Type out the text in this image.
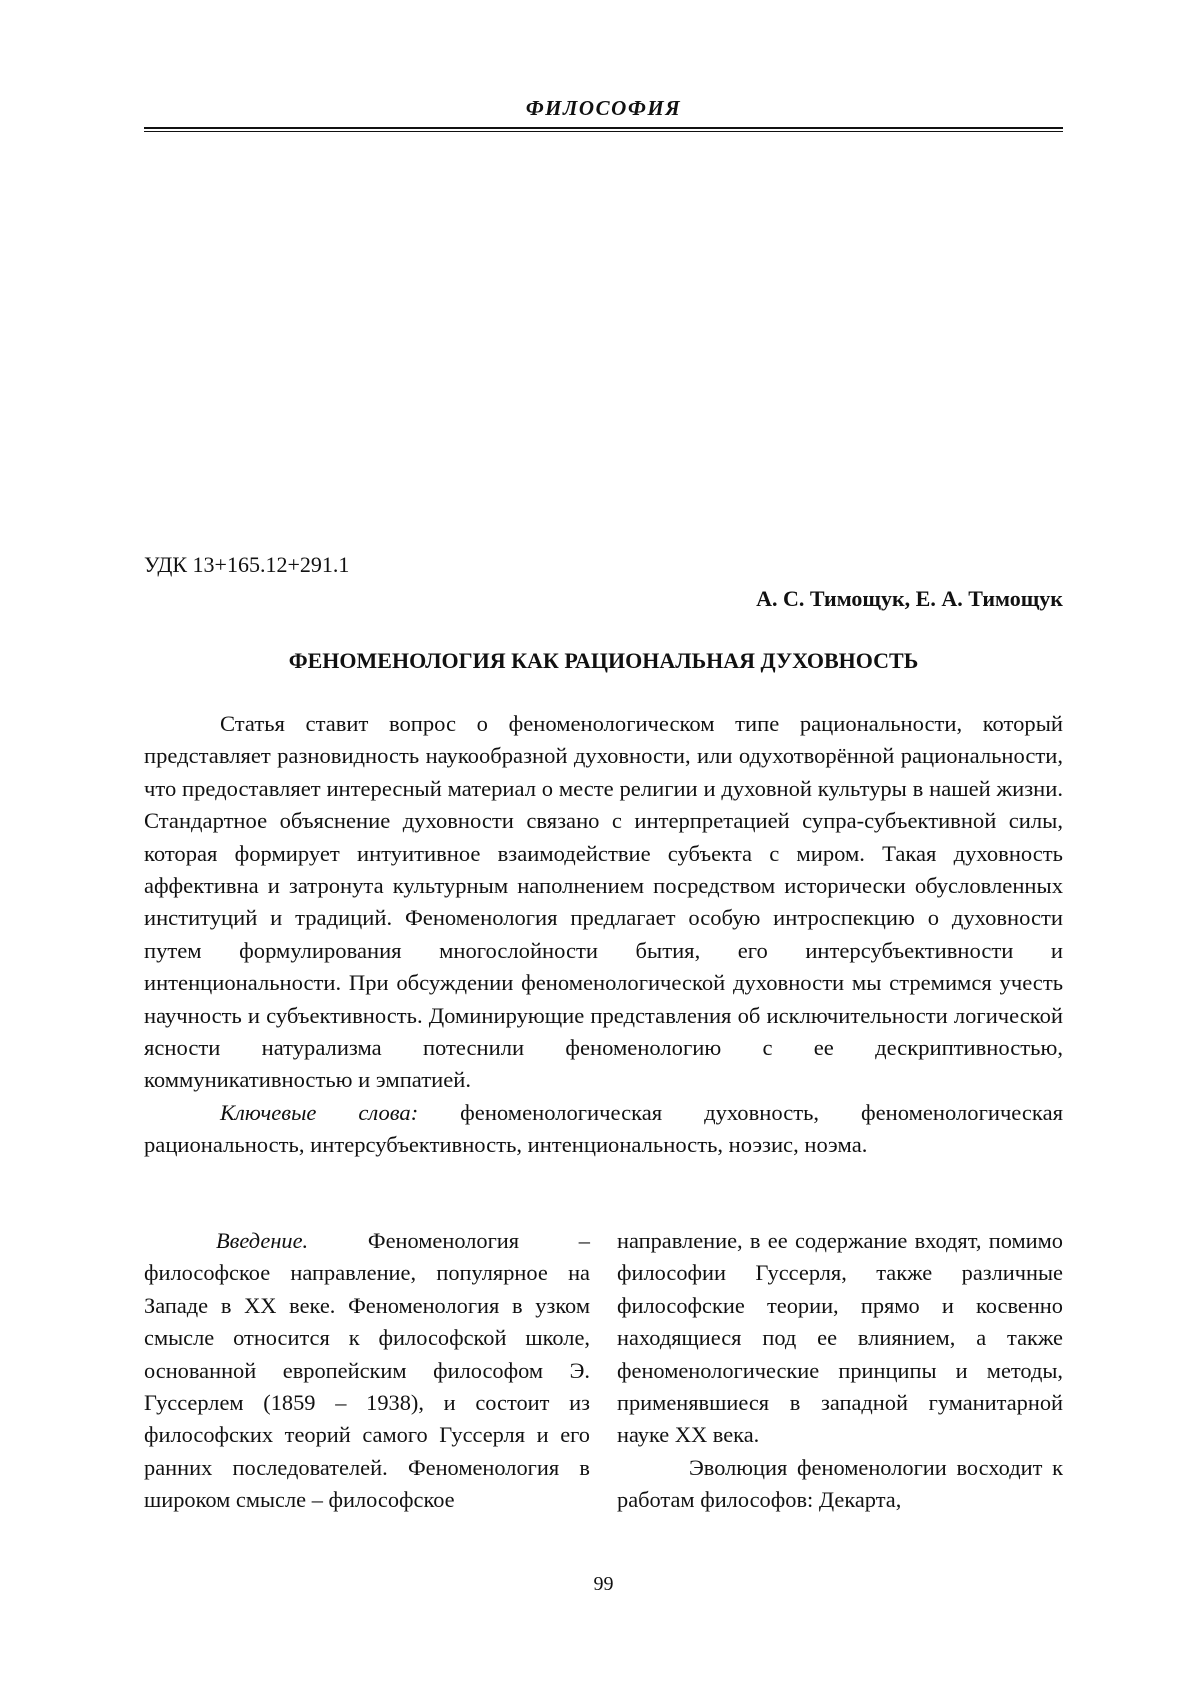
ФИЛОСОФИЯ
УДК 13+165.12+291.1
А. С. Тимощук, Е. А. Тимощук
ФЕНОМЕНОЛОГИЯ КАК РАЦИОНАЛЬНАЯ ДУХОВНОСТЬ

Статья ставит вопрос о феноменологическом типе рациональности, который представляет разновидность наукообразной духовности, или одухотворённой рациональности, что предоставляет интересный материал о месте религии и духовной культуры в нашей жизни. Стандартное объяснение духовности связано с интерпретацией супра-субъективной силы, которая формирует интуитивное взаимодействие субъекта с миром. Такая духовность аффективна и затронута культурным наполнением посредством исторически обусловленных институций и традиций. Феноменология предлагает особую интроспекцию о духовности путем формулирования многослойности бытия, его интерсубъективности и интенциональности. При обсуждении феноменологической духовности мы стремимся учесть научность и субъективность. Доминирующие представления об исключительности логической ясности натурализма потеснили феноменологию с ее дескриптивностью, коммуникативностью и эмпатией.

Ключевые слова: феноменологическая духовность, феноменологическая рациональность, интерсубъективность, интенциональность, ноэзис, ноэма.

Введение.	Феноменология – философское направление, популярное на Западе в XX веке. Феноменология в узком смысле относится к философской школе, основанной европейским философом Э. Гуссерлем (1859 – 1938), и состоит из философских теорий самого Гуссерля и его ранних последователей. Феноменология в широком смысле – философское

направление, в ее содержание входят, помимо философии Гуссерля, также различные философские теории, прямо и косвенно находящиеся под ее влиянием, а также феноменологические принципы и методы, применявшиеся в западной гуманитарной науке XX века.

Эволюция феноменологии восходит к работам философов: Декарта,

99
